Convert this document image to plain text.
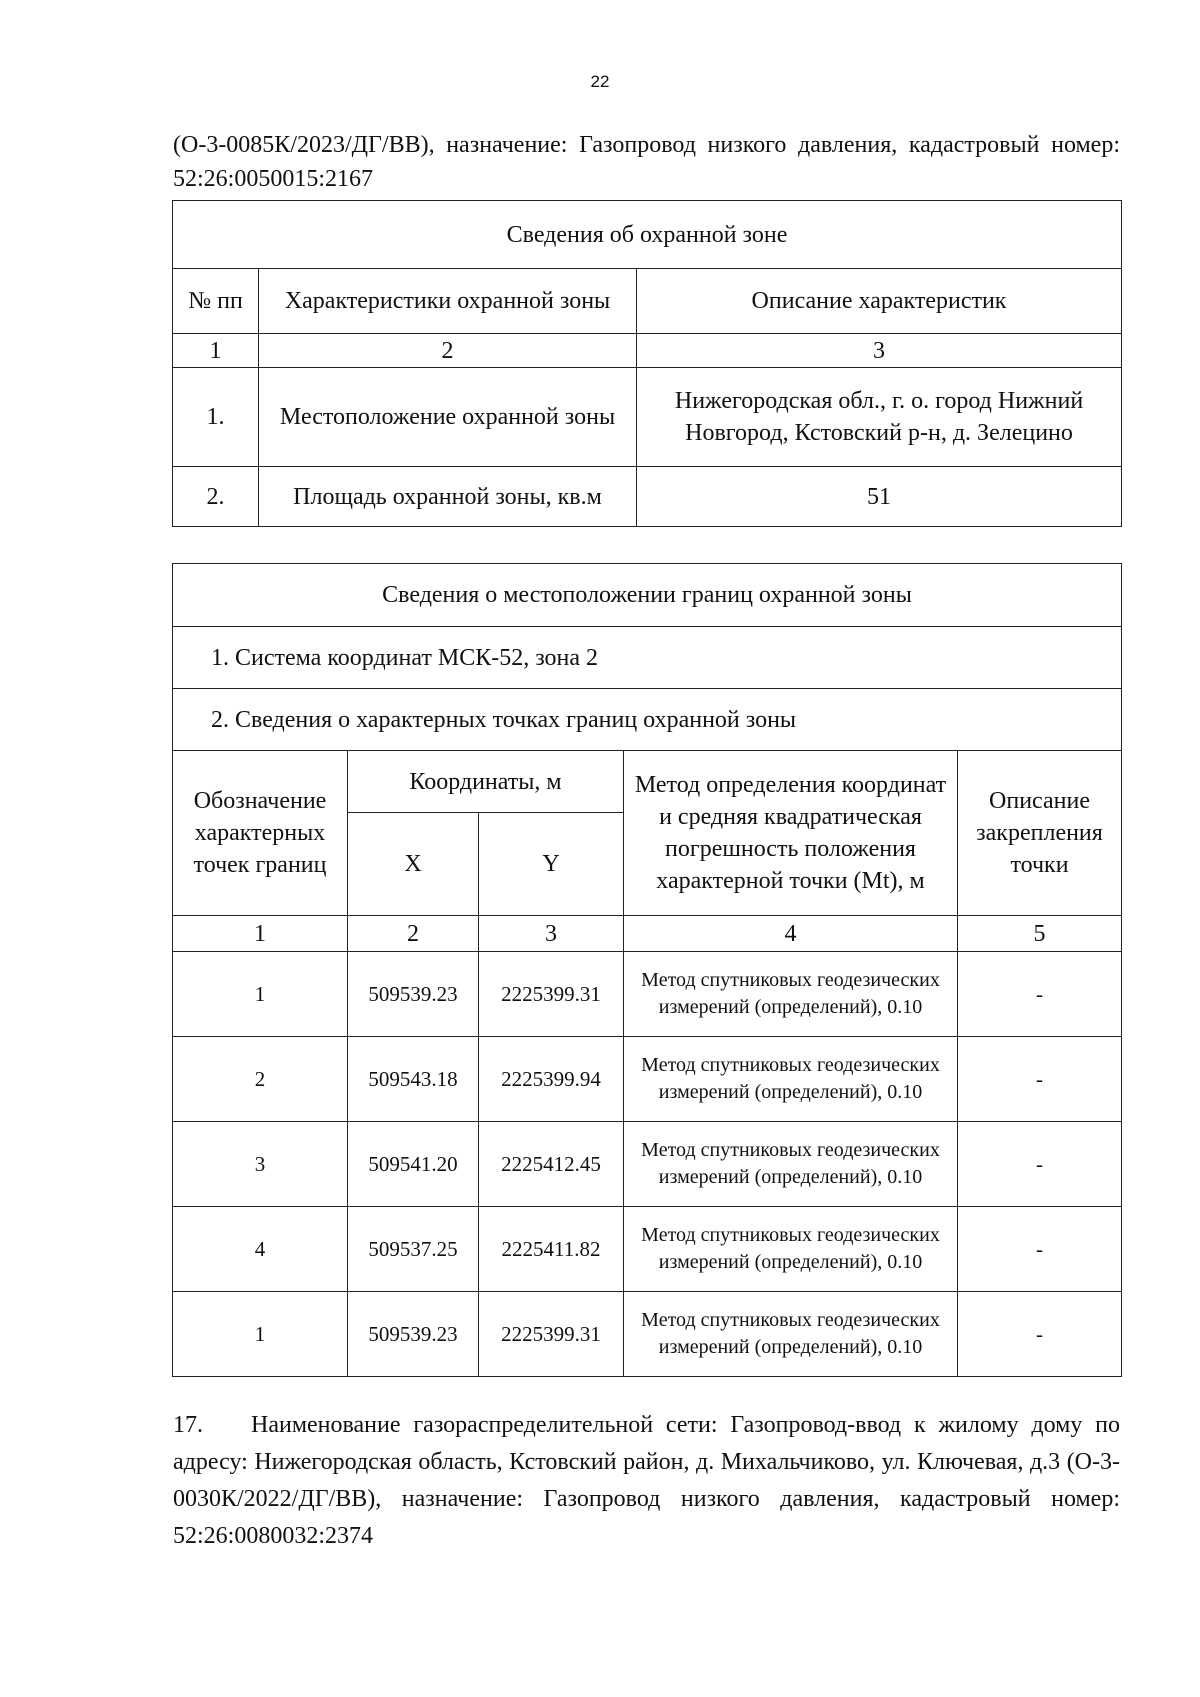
22
(О-3-0085К/2023/ДГ/ВВ), назначение: Газопровод низкого давления, кадастровый номер: 52:26:0050015:2167
Сведения об охранной зоне		
№ пп	Характеристики охранной зоны	Описание характеристик
1	2	3
1.	Местоположение охранной зоны	Нижегородская обл., г. о. город Нижний Новгород, Кстовский р-н, д. Зелецино
2.	Площадь охранной зоны, кв.м	51
Сведения о местоположении границ охранной зоны				
1. Система координат МСК-52, зона 2				
2. Сведения о характерных точках границ охранной зоны				
Обозначение характерных точек границ	Координаты, м		Метод определения координат и средняя квадратическая погрешность положения характерной точки (Mt), м	Описание закрепления точки
	X	Y		
1	2	3	4	5
1	509539.23	2225399.31	Метод спутниковых геодезических измерений (определений), 0.10	-
2	509543.18	2225399.94	Метод спутниковых геодезических измерений (определений), 0.10	-
3	509541.20	2225412.45	Метод спутниковых геодезических измерений (определений), 0.10	-
4	509537.25	2225411.82	Метод спутниковых геодезических измерений (определений), 0.10	-
1	509539.23	2225399.31	Метод спутниковых геодезических измерений (определений), 0.10	-
17. Наименование газораспределительной сети: Газопровод-ввод к жилому дому по адресу: Нижегородская область, Кстовский район, д. Михальчиково, ул. Ключевая, д.3 (О-3-0030К/2022/ДГ/ВВ), назначение: Газопровод низкого давления, кадастровый номер: 52:26:0080032:2374
